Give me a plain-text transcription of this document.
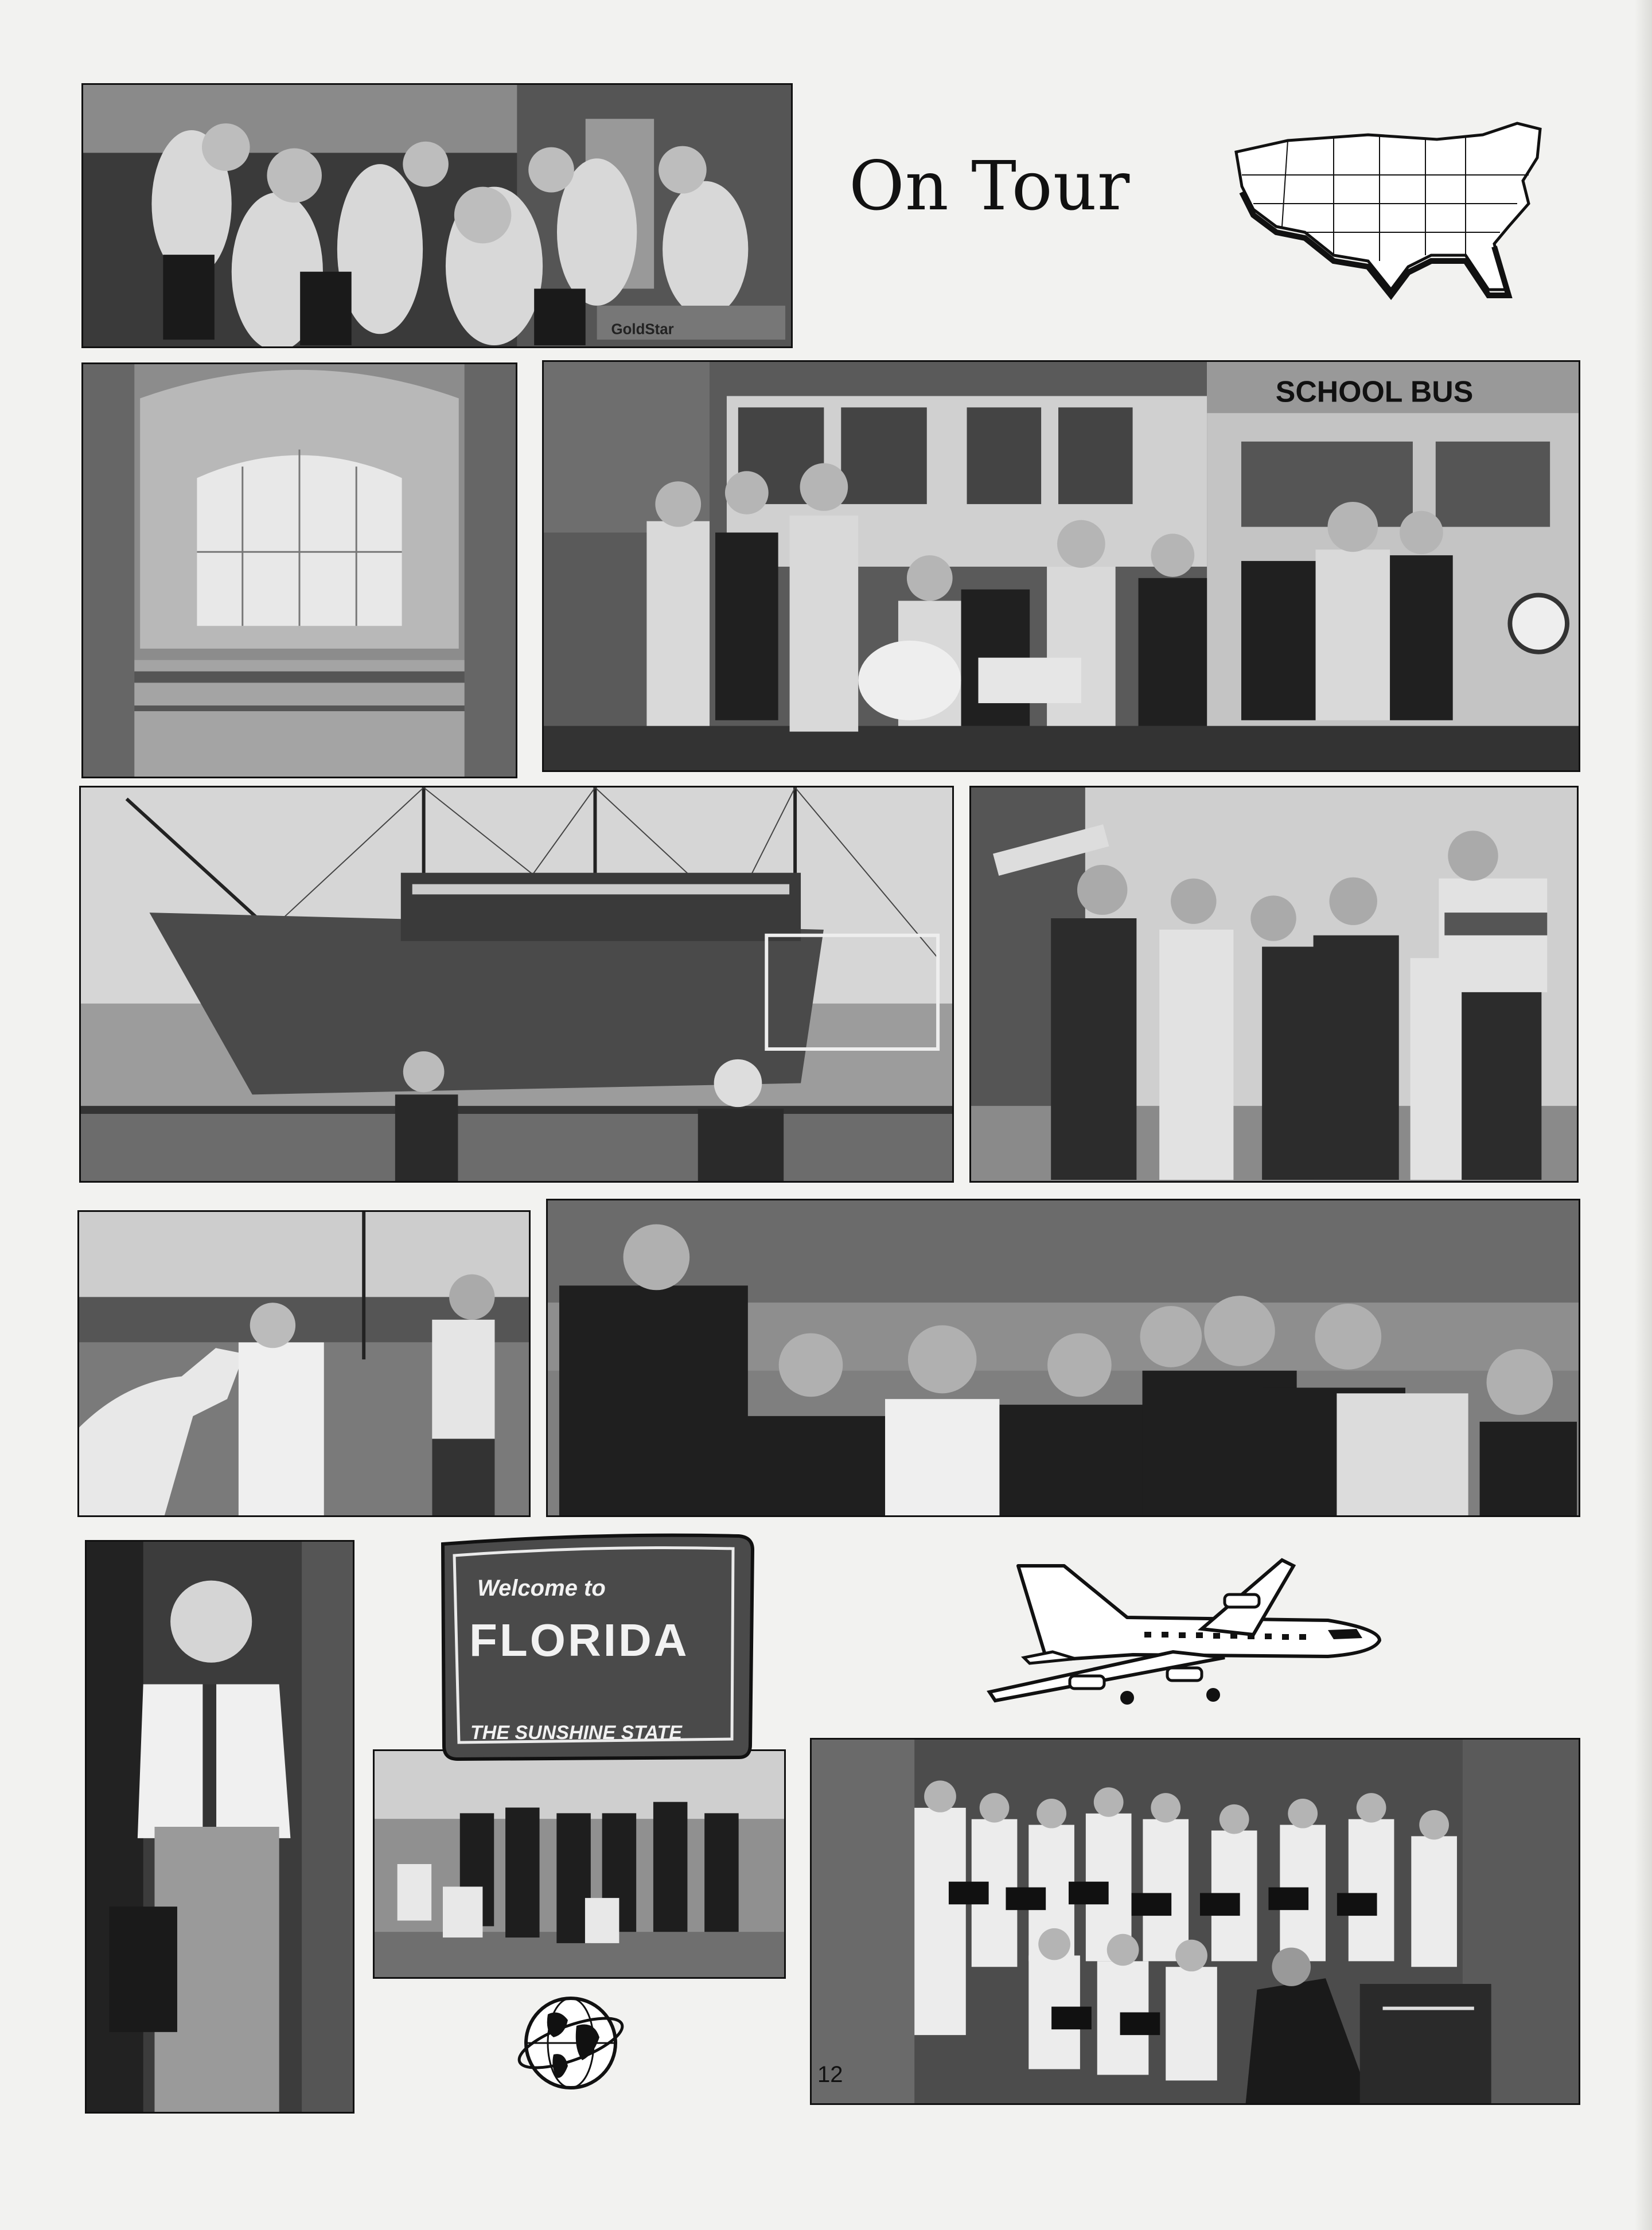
GoldStar
On Tour
SCHOOL BUS
Welcome to
FLORIDA
THE SUNSHINE STATE
12
